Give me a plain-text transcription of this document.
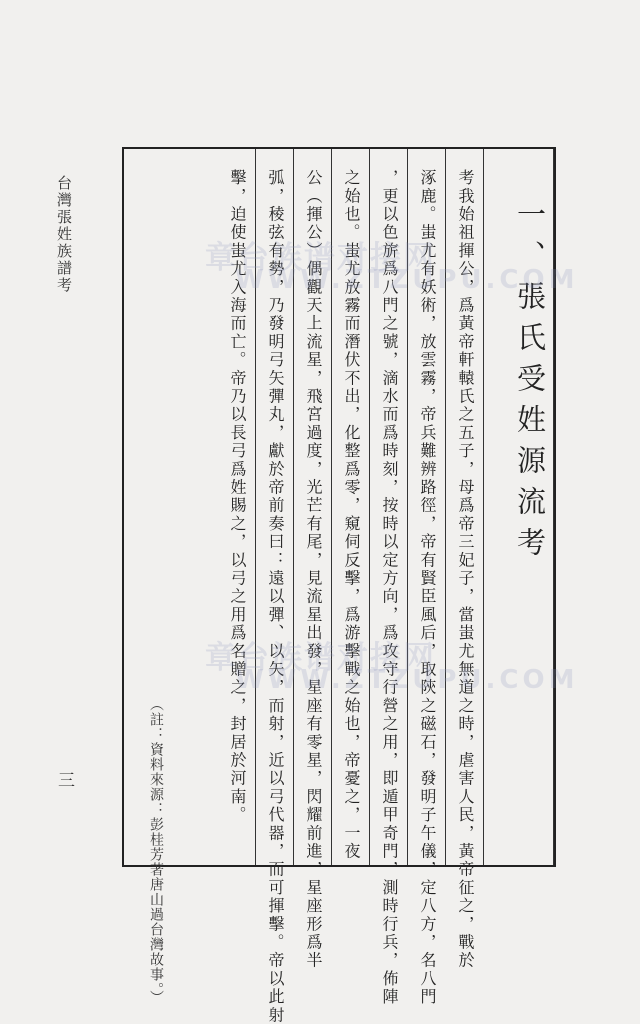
台灣張姓族譜考
三
一、張氏受姓源流考
考我始祖揮公，爲黃帝軒轅氏之五子，母爲帝三妃子，當蚩尤無道之時，虐害人民，黃帝征之，戰於
涿鹿。蚩尤有妖術，放雲霧，帝兵難辨路徑，帝有賢臣風后，取陝之磁石，發明子午儀，定八方，名八門
，更以色旂爲八門之號，滴水而爲時刻，按時以定方向，爲攻守行營之用，即遁甲奇門，測時行兵，佈陣
之始也。蚩尤放霧而潛伏不出，化整爲零，窺伺反擊，爲游擊戰之始也，帝憂之，一夜
公（揮公）偶觀天上流星，飛宮過度，光芒有尾，見流星出發，星座有零星，閃耀前進，星座形爲半
弧，稜弦有勢，乃發明弓矢彈丸，獻於帝前奏曰：遠以彈、以矢，而射，近以弓代器，而可揮擊。帝以此射
擊，迫使蚩尤入海而亡。帝乃以長弓爲姓賜之，以弓之用爲名贈之，封居於河南。
（註：資料來源：彭桂芳著唐山過台灣故事。）
章台族谱对接网
WWW.ZTZUPU.COM
章台族谱对接网
WWW.ZTZUPU.COM
